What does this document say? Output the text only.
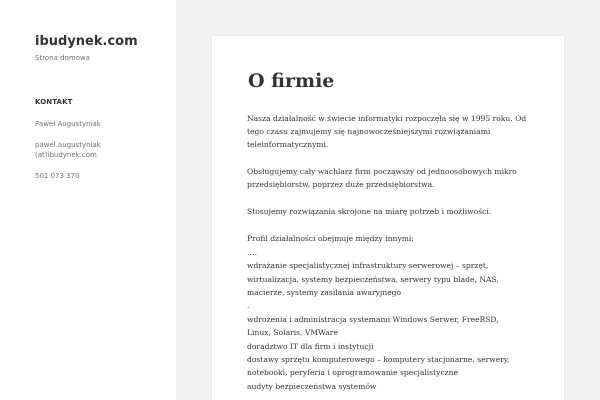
ibudynek.com
Strona domowa
KONTAKT
Paweł Augustyniak
pawel.augustyniak
(at)ibudynek.com
501 073 370
O firmie
Nasza działalność w świecie informatyki rozpoczęła się w 1995 roku. Od
tego czasu zajmujemy się najnowocześniejszymi rozwiązaniami
teleinformatycznymi.
Obsługujemy cały wachlarz firm począwszy od jednoosobowych mikro
przedsiębiorstw, poprzez duże przedsiębiorstwa.
Stosujemy rozwiązania skrojone na miarę potrzeb i możliwości.
Profil działalności obejmuje między innymi:
….
wdrażanie specjalistycznej infrastruktury serwerowej – sprzęt,
wirtualizacja, systemy bezpieczeństwa, serwery typu blade, NAS,
macierze, systemy zasilania awaryjnego
.
wdrożenia i administracja systemami Windows Serwer, FreeBSD,
Linux, Solaris, VMWare
doradztwo IT dla firm i instytucji
dostawy sprzętu komputerowego – komputery stacjonarne, serwery,
notebooki, peryferia i oprogramowanie specjalistyczne
audyty bezpieczeństwa systemów
